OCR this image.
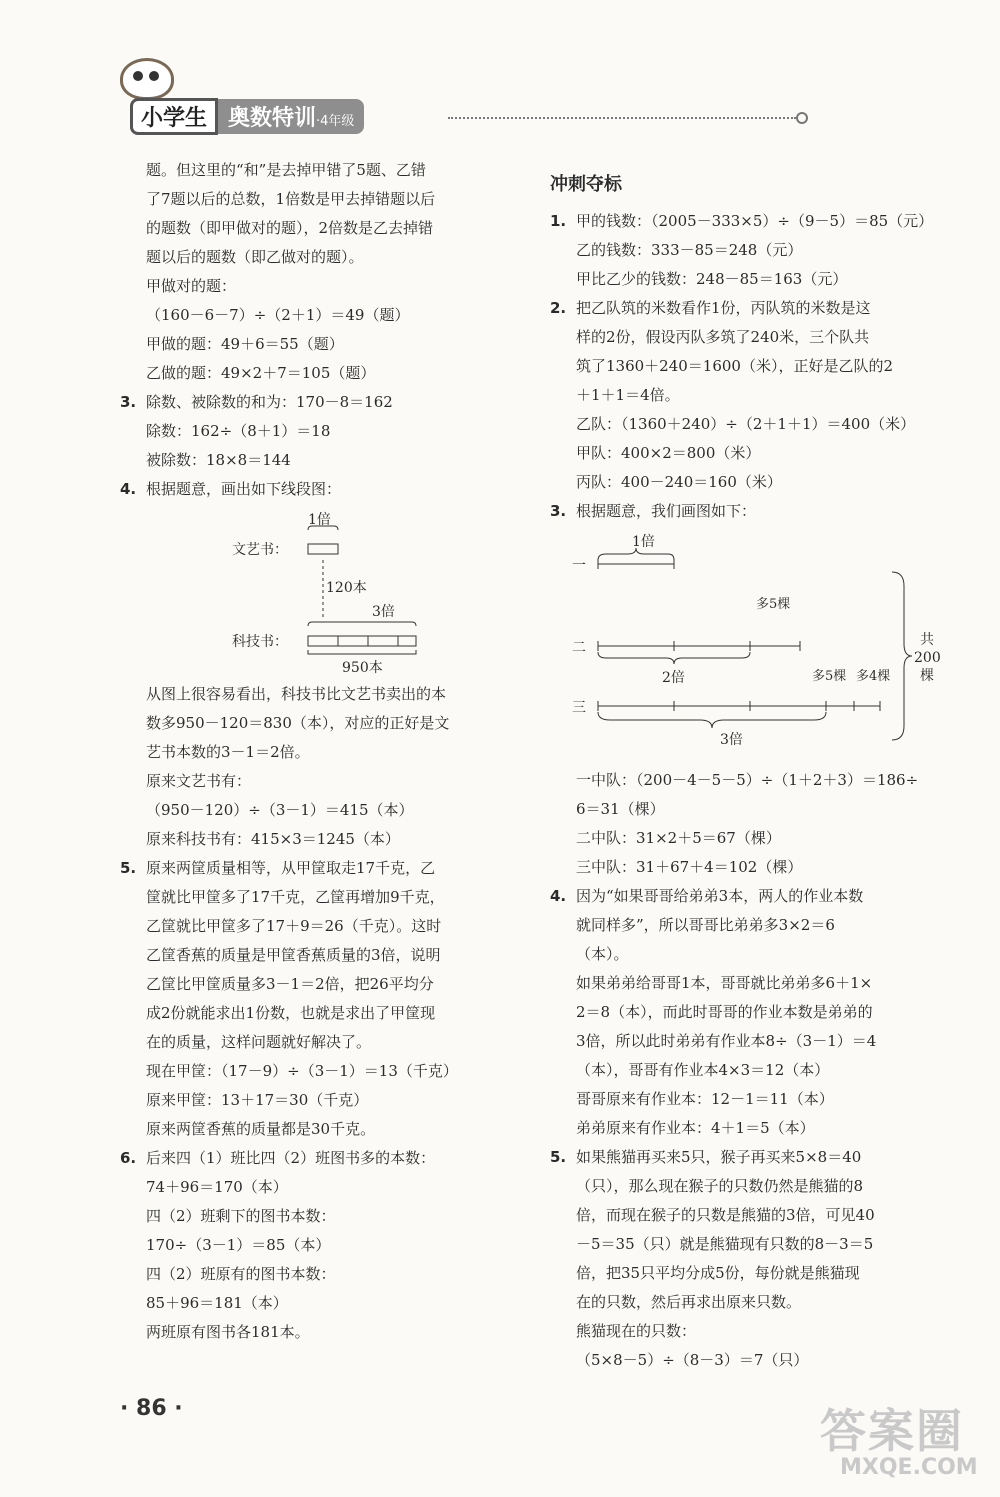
小学生 奥数特训·4年级

题。但这里的“和”是去掉甲错了5题、乙错

了7题以后的总数，1倍数是甲去掉错题以后

的题数（即甲做对的题），2倍数是乙去掉错

题以后的题数（即乙做对的题）。

甲做对的题：

（160－6－7）÷（2＋1）＝49（题）

甲做的题：49＋6＝55（题）

乙做的题：49×2＋7＝105（题）

3. 除数、被除数的和为：170－8＝162

除数：162÷（8＋1）＝18

被除数：18×8＝144

4. 根据题意，画出如下线段图：

1倍
文艺书：
120本
3倍
科技书：
950本

从图上很容易看出，科技书比文艺书卖出的本

数多950－120＝830（本），对应的正好是文

艺书本数的3－1＝2倍。

原来文艺书有：

（950－120）÷（3－1）＝415（本）

原来科技书有：415×3＝1245（本）

5. 原来两筐质量相等，从甲筐取走17千克，乙

筐就比甲筐多了17千克，乙筐再增加9千克，

乙筐就比甲筐多了17＋9＝26（千克）。这时

乙筐香蕉的质量是甲筐香蕉质量的3倍，说明

乙筐比甲筐质量多3－1＝2倍，把26平均分

成2份就能求出1份数，也就是求出了甲筐现

在的质量，这样问题就好解决了。

现在甲筐：（17－9）÷（3－1）＝13（千克）

原来甲筐：13＋17＝30（千克）

原来两筐香蕉的质量都是30千克。

6. 后来四（1）班比四（2）班图书多的本数：

74＋96＝170（本）

四（2）班剩下的图书本数：

170÷（3－1）＝85（本）

四（2）班原有的图书本数：

85＋96＝181（本）

两班原有图书各181本。

冲刺夺标

1. 甲的钱数：（2005－333×5）÷（9－5）＝85（元）

乙的钱数：333－85＝248（元）

甲比乙少的钱数：248－85＝163（元）

2. 把乙队筑的米数看作1份，丙队筑的米数是这

样的2份，假设丙队多筑了240米，三个队共

筑了1360＋240＝1600（米），正好是乙队的2

＋1＋1＝4倍。

乙队：（1360＋240）÷（2＋1＋1）＝400（米）

甲队：400×2＝800（米）

丙队：400－240＝160（米）

3. 根据题意，我们画图如下：

1倍
一
多5棵
二
2倍	多5棵 多4棵
三
3倍
共
200
棵

一中队：（200－4－5－5）÷（1＋2＋3）＝186÷

6＝31（棵）

二中队：31×2＋5＝67（棵）

三中队：31＋67＋4＝102（棵）

4. 因为“如果哥哥给弟弟3本，两人的作业本数

就同样多”，所以哥哥比弟弟多3×2＝6

（本）。

如果弟弟给哥哥1本，哥哥就比弟弟多6＋1×

2＝8（本），而此时哥哥的作业本数是弟弟的

3倍，所以此时弟弟有作业本8÷（3－1）＝4

（本），哥哥有作业本4×3＝12（本）

哥哥原来有作业本：12－1＝11（本）

弟弟原来有作业本：4＋1＝5（本）

5. 如果熊猫再买来5只，猴子再买来5×8＝40

（只），那么现在猴子的只数仍然是熊猫的8

倍，而现在猴子的只数是熊猫的3倍，可见40

－5＝35（只）就是熊猫现有只数的8－3＝5

倍，把35只平均分成5份，每份就是熊猫现

在的只数，然后再求出原来只数。

熊猫现在的只数：

（5×8－5）÷（8－3）＝7（只）

· 86 ·	答案圈
MXQE.COM
